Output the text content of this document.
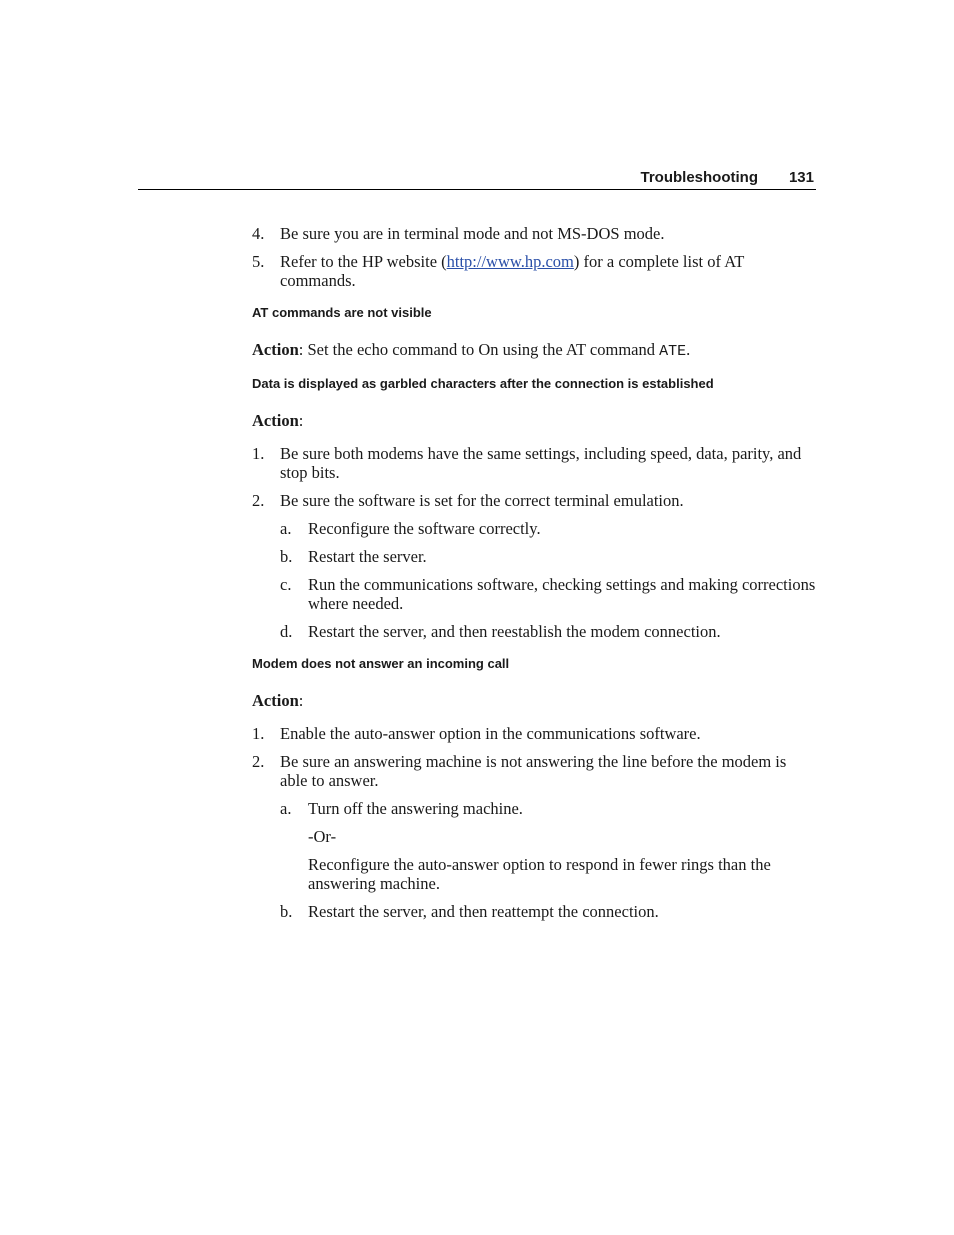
Troubleshooting 131
4. Be sure you are in terminal mode and not MS-DOS mode.
5. Refer to the HP website (http://www.hp.com) for a complete list of AT commands.
AT commands are not visible
Action: Set the echo command to On using the AT command ATE.
Data is displayed as garbled characters after the connection is established
Action:
1. Be sure both modems have the same settings, including speed, data, parity, and stop bits.
2. Be sure the software is set for the correct terminal emulation.
a. Reconfigure the software correctly.
b. Restart the server.
c. Run the communications software, checking settings and making corrections where needed.
d. Restart the server, and then reestablish the modem connection.
Modem does not answer an incoming call
Action:
1. Enable the auto-answer option in the communications software.
2. Be sure an answering machine is not answering the line before the modem is able to answer.
a. Turn off the answering machine.
-Or-
Reconfigure the auto-answer option to respond in fewer rings than the answering machine.
b. Restart the server, and then reattempt the connection.
